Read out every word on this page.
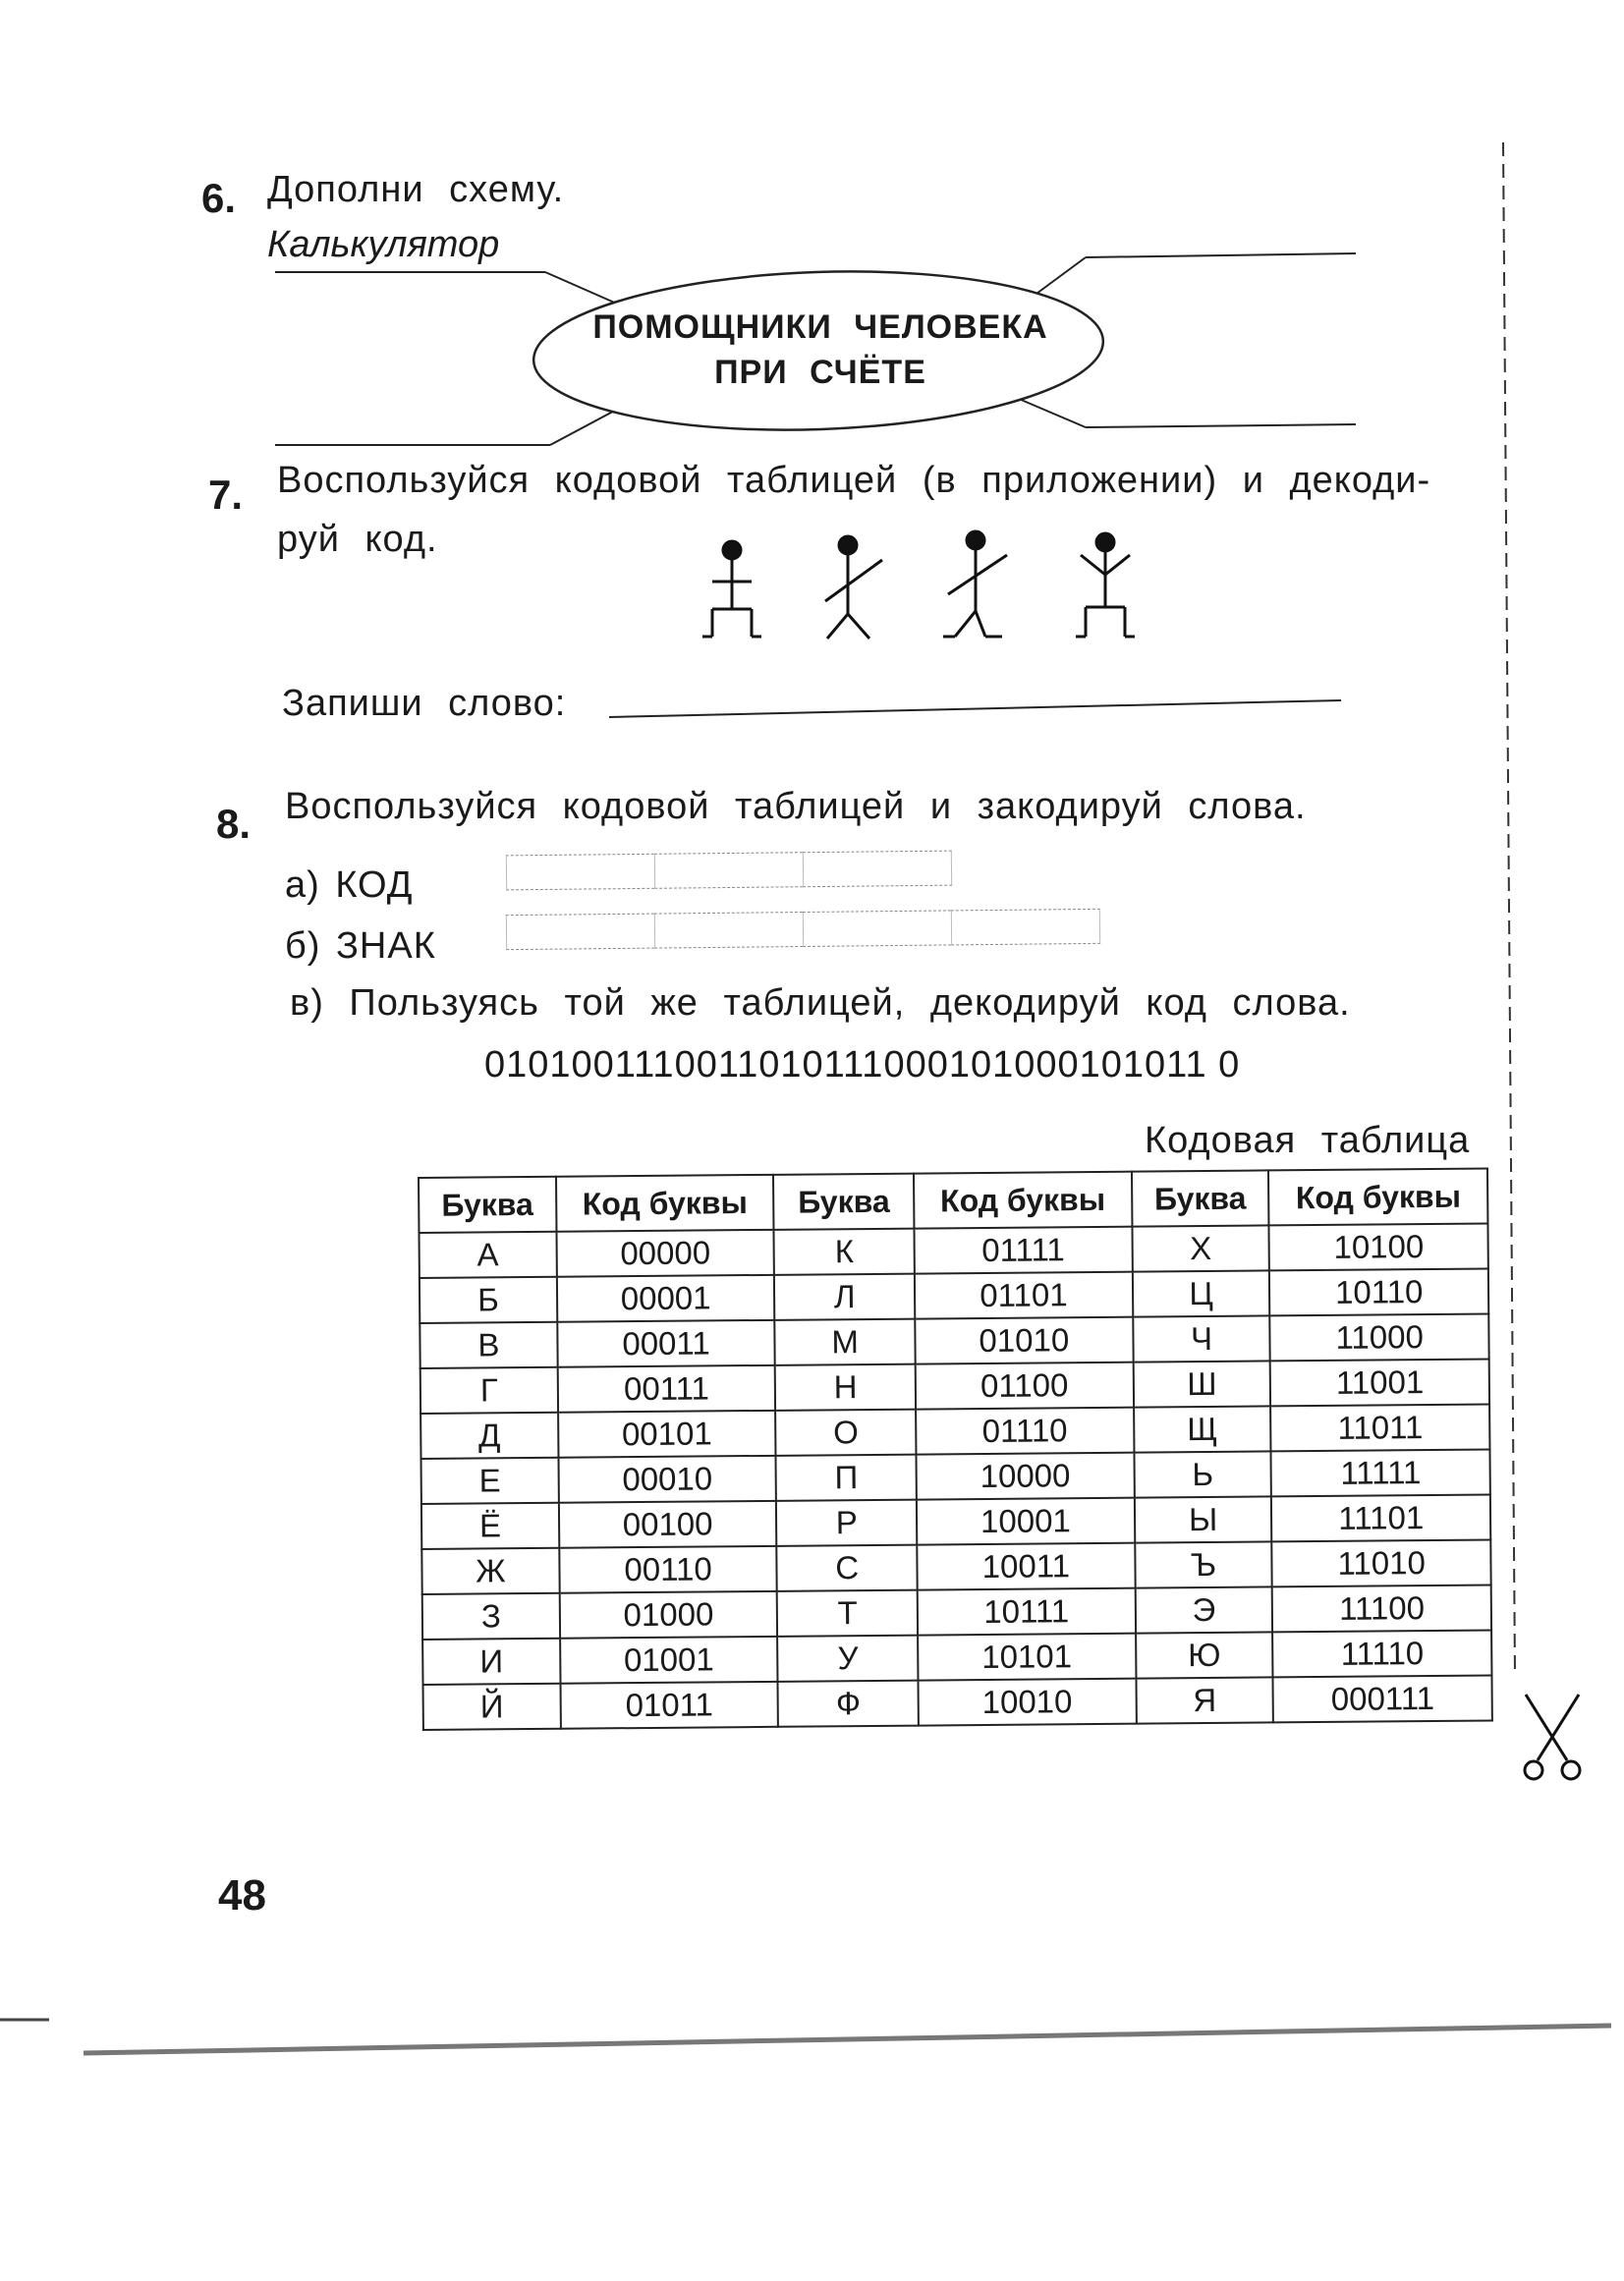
6. Дополни схему.
Калькулятор
ПОМОЩНИКИ ЧЕЛОВЕКА
ПРИ СЧЁТЕ
7. Воспользуйся кодовой таблицей (в приложении) и декоди-
руй код.
Запиши слово:
8. Воспользуйся кодовой таблицей и закодируй слова.
а) КОД
б) ЗНАК
в) Пользуясь той же таблицей, декодируй код слова.
0101001110011010111000101000101011 0
Кодовая таблица
Буква	Код буквы	Буква	Код буквы	Буква	Код буквы
А	00000	К	01111	Х	10100
Б	00001	Л	01101	Ц	10110
В	00011	М	01010	Ч	11000
Г	00111	Н	01100	Ш	11001
Д	00101	О	01110	Щ	11011
Е	00010	П	10000	Ь	11111
Ё	00100	Р	10001	Ы	11101
Ж	00110	С	10011	Ъ	11010
З	01000	Т	10111	Э	11100
И	01001	У	10101	Ю	11110
Й	01011	Ф	10010	Я	000111
48
